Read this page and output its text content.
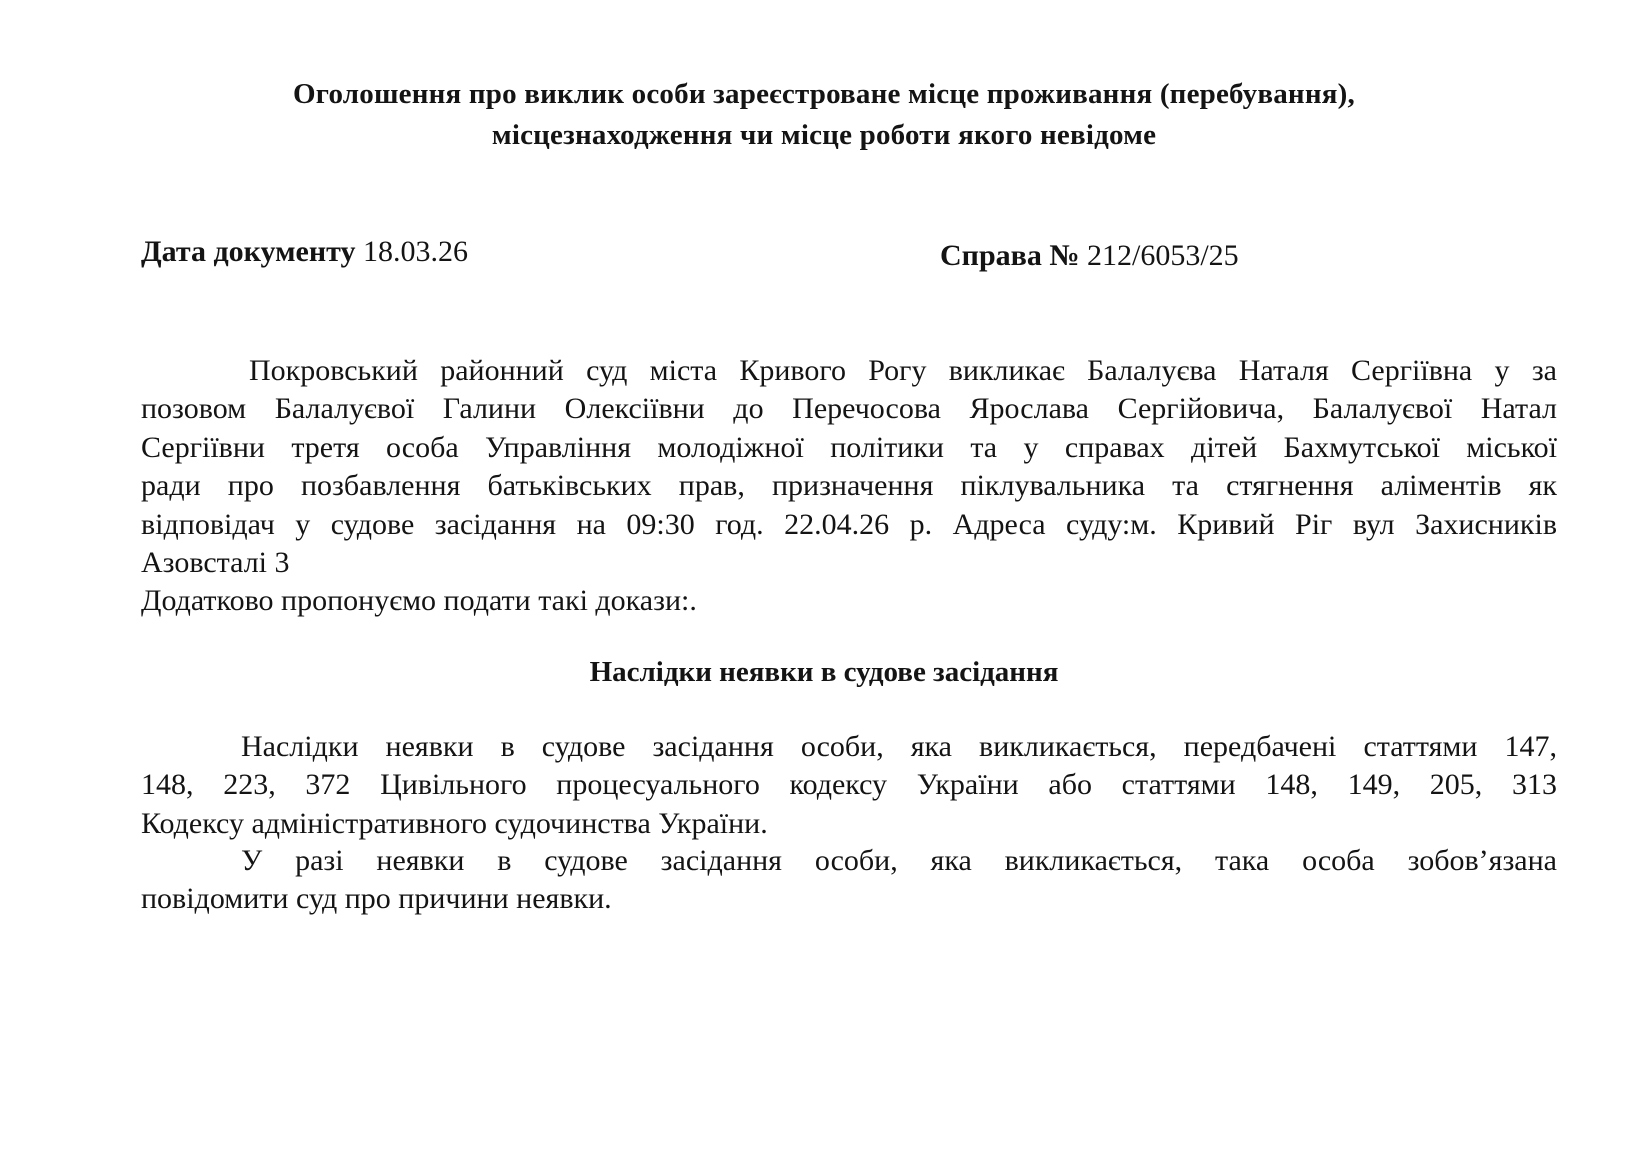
Оголошення про виклик особи зареєстроване місце проживання (перебування),
місцезнаходження чи місце роботи якого невідоме
Дата документу 18.03.26	Справа № 212/6053/25
Покровський районний суд міста Кривого Рогу викликає Балалуєва Наталя Сергіївна у за
позовом Балалуєвої Галини Олексіївни до Перечосова Ярослава Сергійовича, Балалуєвої Натал
Сергіївни третя особа Управління молодіжної політики та у справах дітей Бахмутської міської
ради про позбавлення батьківських прав, призначення піклувальника та стягнення аліментів як
відповідач у судове засідання на 09:30 год. 22.04.26 р. Адреса суду:м. Кривий Ріг вул Захисників
Азовсталі 3
Додатково пропонуємо подати такі докази:.
Наслідки неявки в судове засідання
Наслідки неявки в судове засідання особи, яка викликається, передбачені статтями 147,
148, 223, 372 Цивільного процесуального кодексу України або статтями 148, 149, 205, 313
Кодексу адміністративного судочинства України.
У разі неявки в судове засідання особи, яка викликається, така особа зобов’язана
повідомити суд про причини неявки.
